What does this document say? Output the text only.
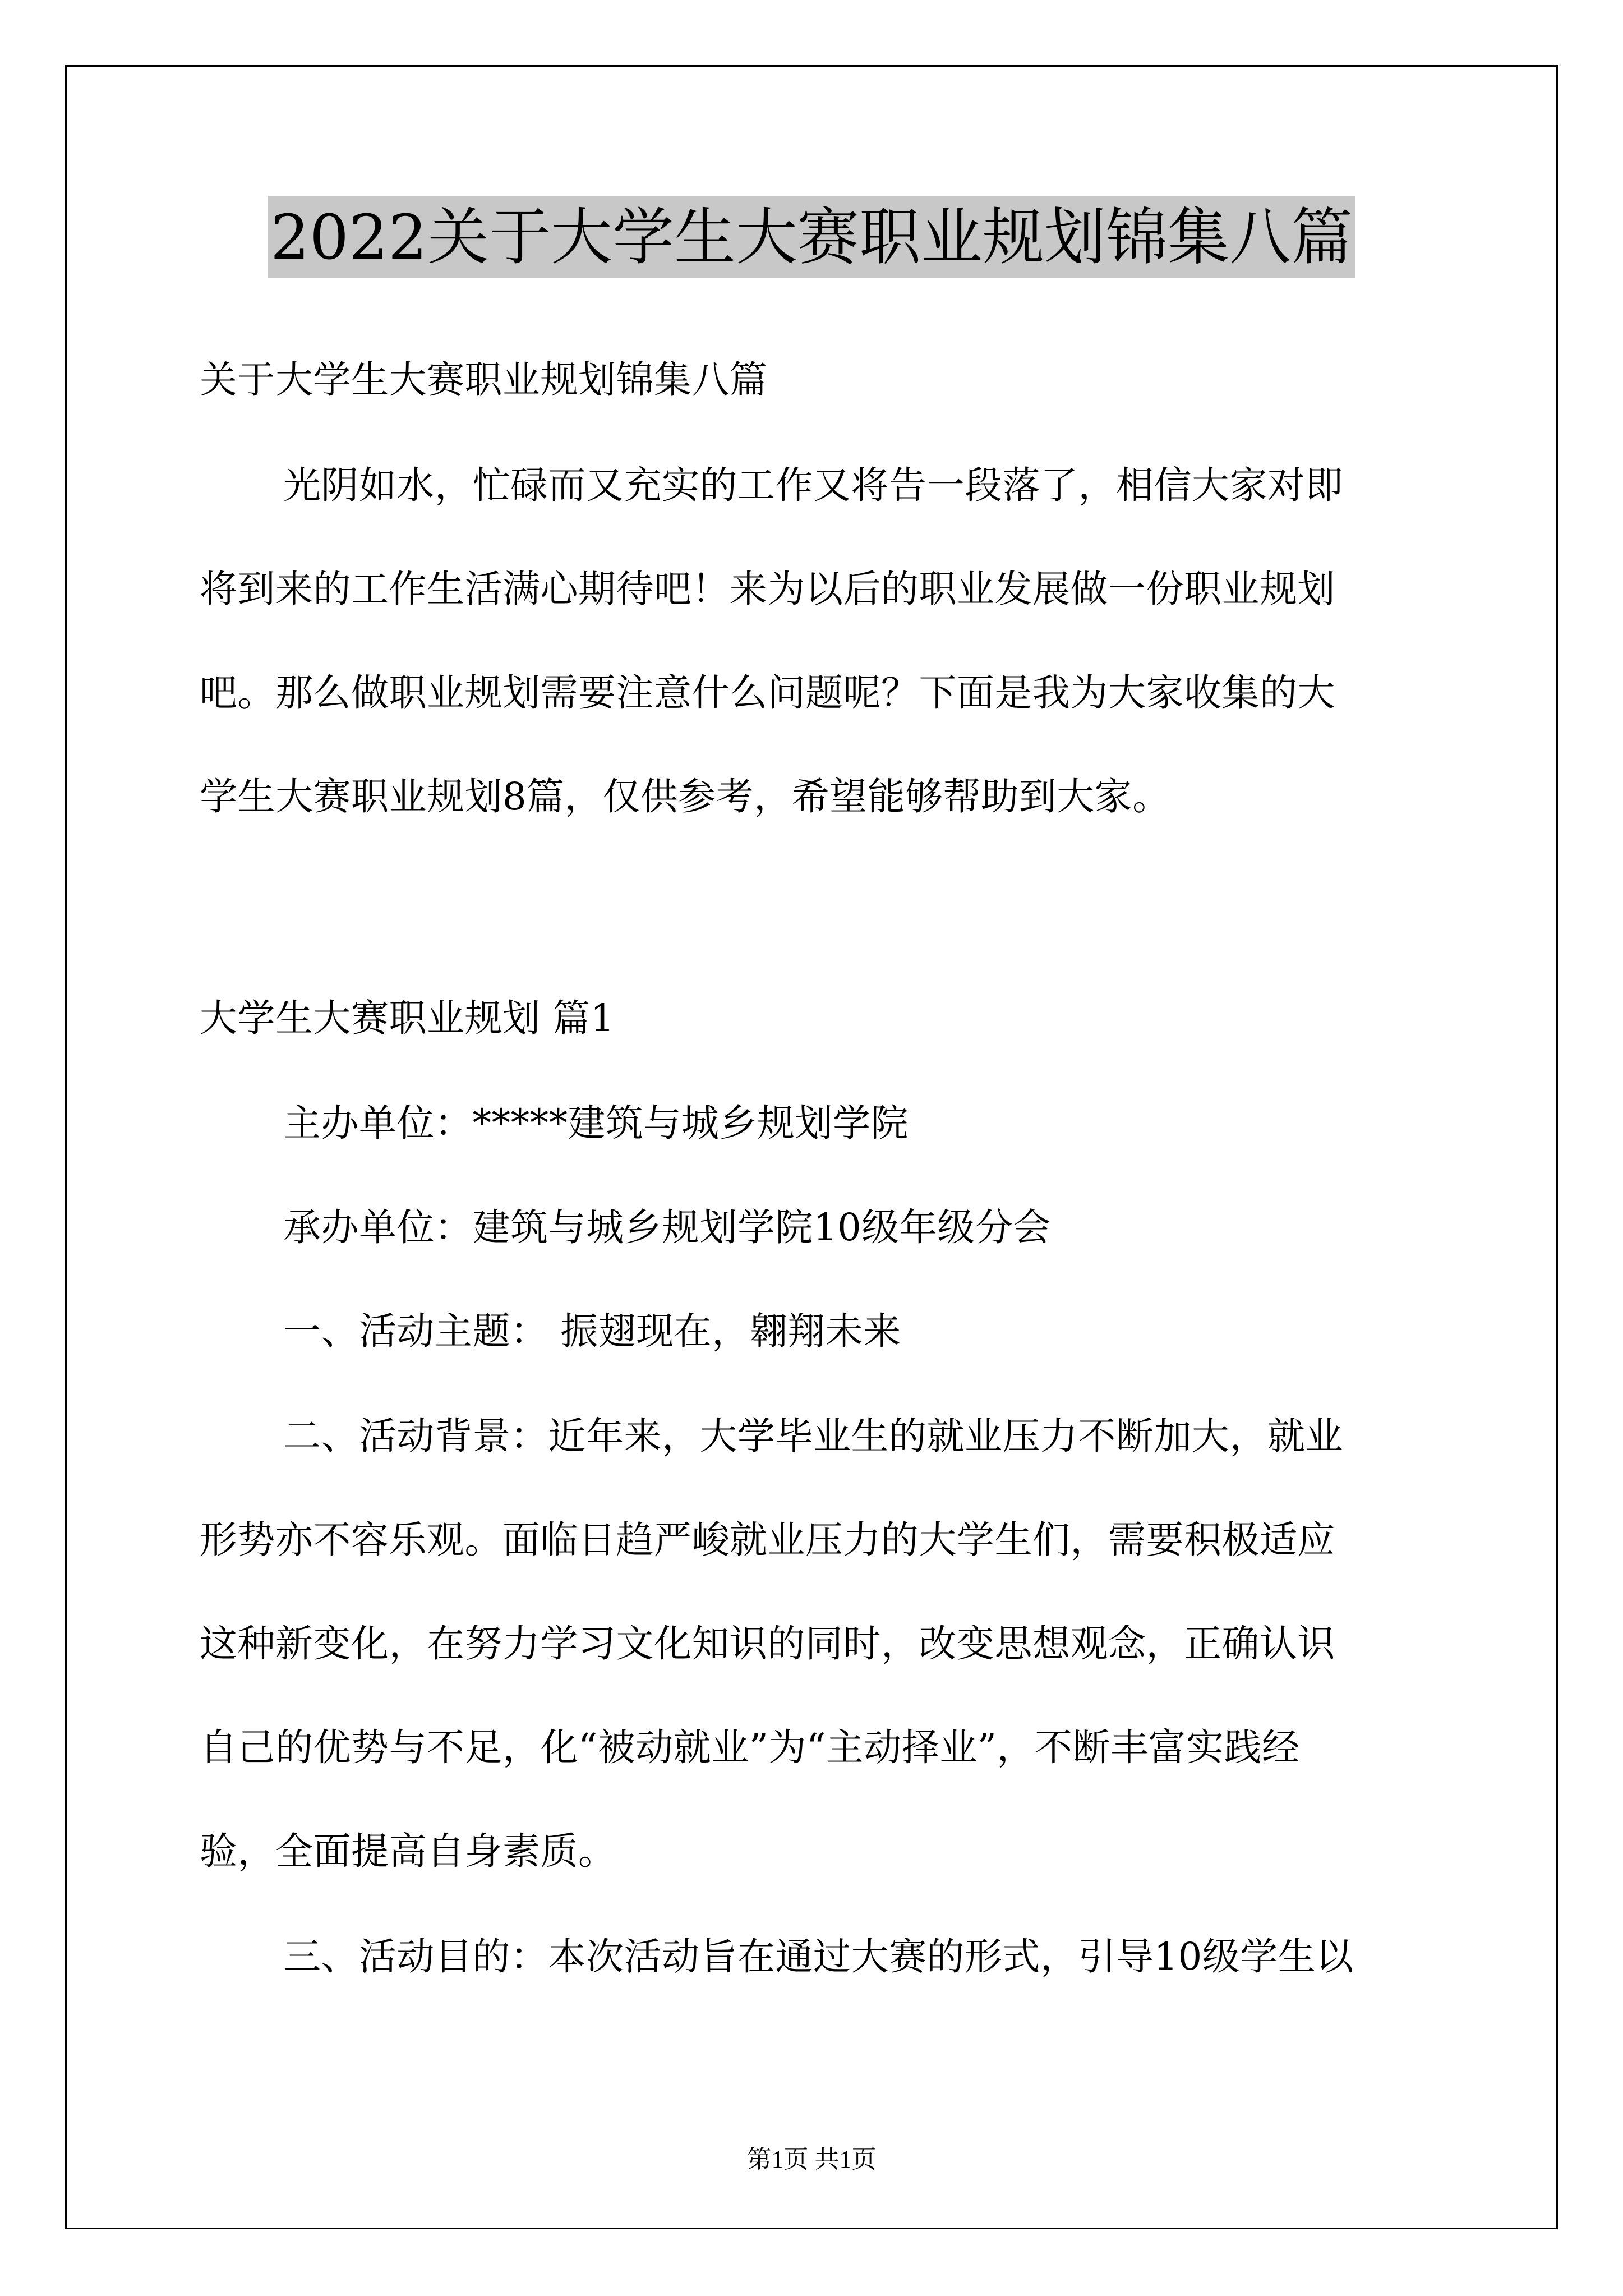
2022关于大学生大赛职业规划锦集八篇
关于大学生大赛职业规划锦集八篇
光阴如水，忙碌而又充实的工作又将告一段落了，相信大家对即
将到来的工作生活满心期待吧！来为以后的职业发展做一份职业规划
吧。那么做职业规划需要注意什么问题呢？下面是我为大家收集的大
学生大赛职业规划8篇，仅供参考，希望能够帮助到大家。
大学生大赛职业规划 篇1
主办单位：*****建筑与城乡规划学院
承办单位：建筑与城乡规划学院10级年级分会
一、活动主题： 振翅现在，翱翔未来
二、活动背景：近年来，大学毕业生的就业压力不断加大，就业
形势亦不容乐观。面临日趋严峻就业压力的大学生们，需要积极适应
这种新变化，在努力学习文化知识的同时，改变思想观念，正确认识
自己的优势与不足，化“被动就业”为“主动择业”，不断丰富实践经
验，全面提高自身素质。
三、活动目的：本次活动旨在通过大赛的形式，引导10级学生以
第1页 共1页
